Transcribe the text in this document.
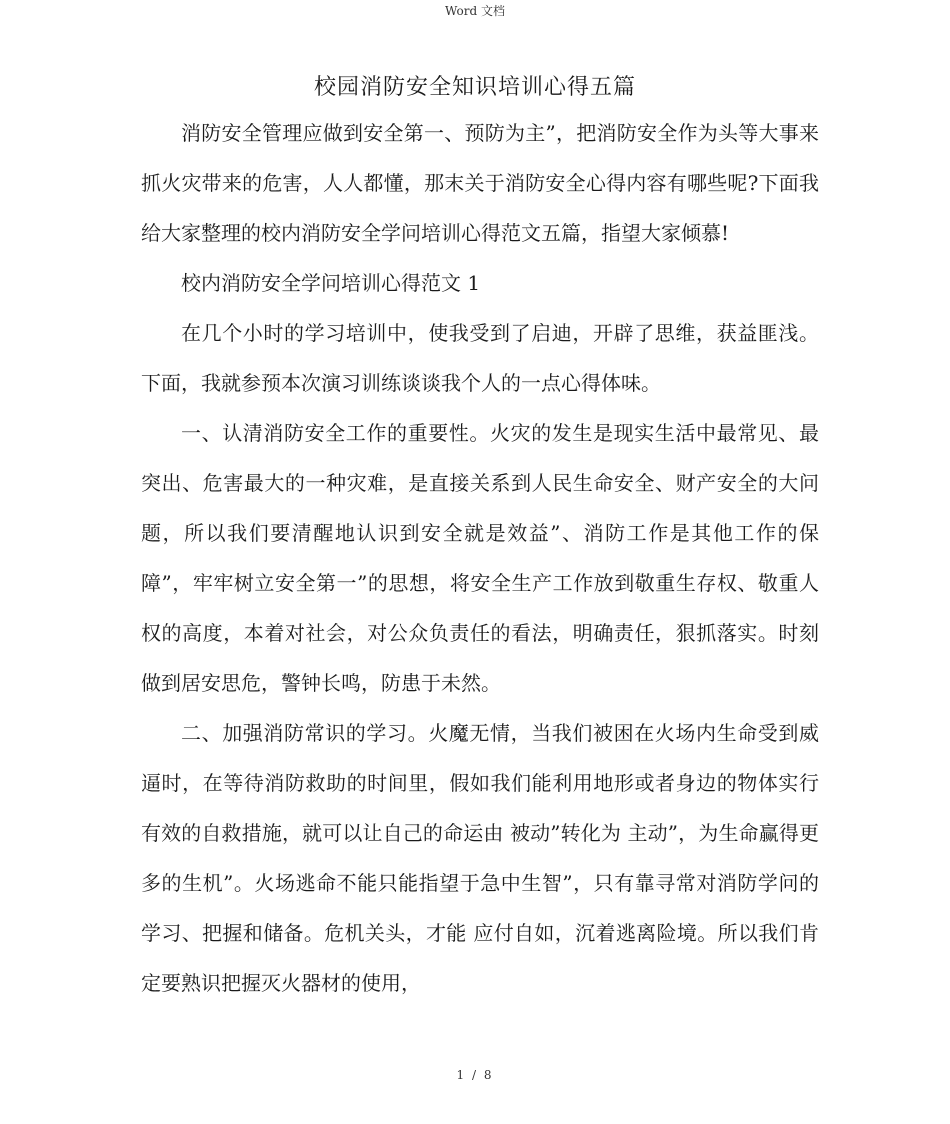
Word 文档
校园消防安全知识培训心得五篇

消防安全管理应做到安全第一、预防为主”，把消防安全作为头等大事来抓火灾带来的危害，人人都懂，那末关于消防安全心得内容有哪些呢?下面我给大家整理的校内消防安全学问培训心得范文五篇，指望大家倾慕!

校内消防安全学问培训心得范文 1

在几个小时的学习培训中，使我受到了启迪，开辟了思维，获益匪浅。下面，我就参预本次演习训练谈谈我个人的一点心得体味。

一、认清消防安全工作的重要性。火灾的发生是现实生活中最常见、最突出、危害最大的一种灾难，是直接关系到人民生命安全、财产安全的大问题，所以我们要清醒地认识到安全就是效益”、消防工作是其他工作的保障”，牢牢树立安全第一”的思想，将安全生产工作放到敬重生存权、敬重人权的高度，本着对社会，对公众负责任的看法，明确责任，狠抓落实。时刻做到居安思危，警钟长鸣，防患于未然。

二、加强消防常识的学习。火魔无情，当我们被困在火场内生命受到威逼时，在等待消防救助的时间里，假如我们能利用地形或者身边的物体实行有效的自救措施，就可以让自己的命运由 被动”转化为 主动”，为生命赢得更多的生机”。火场逃命不能只能指望于急中生智”，只有靠寻常对消防学问的学习、把握和储备。危机关头，才能 应付自如，沉着逃离险境。所以我们肯定要熟识把握灭火器材的使用，

1 / 8
